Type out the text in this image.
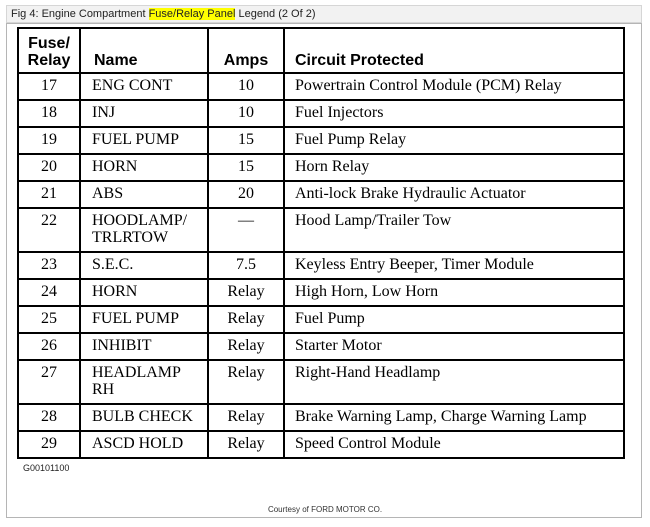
Fig 4: Engine Compartment Fuse/Relay Panel Legend (2 Of 2)
Fuse/
Relay	Name	Amps	Circuit Protected
17	ENG CONT	10	Powertrain Control Module (PCM) Relay
18	INJ	10	Fuel Injectors
19	FUEL PUMP	15	Fuel Pump Relay
20	HORN	15	Horn Relay
21	ABS	20	Anti-lock Brake Hydraulic Actuator
22	HOODLAMP/
TRLRTOW	—	Hood Lamp/Trailer Tow
23	S.E.C.	7.5	Keyless Entry Beeper, Timer Module
24	HORN	Relay	High Horn, Low Horn
25	FUEL PUMP	Relay	Fuel Pump
26	INHIBIT	Relay	Starter Motor
27	HEADLAMP
RH	Relay	Right-Hand Headlamp
28	BULB CHECK	Relay	Brake Warning Lamp, Charge Warning Lamp
29	ASCD HOLD	Relay	Speed Control Module
G00101100
Courtesy of FORD MOTOR CO.
